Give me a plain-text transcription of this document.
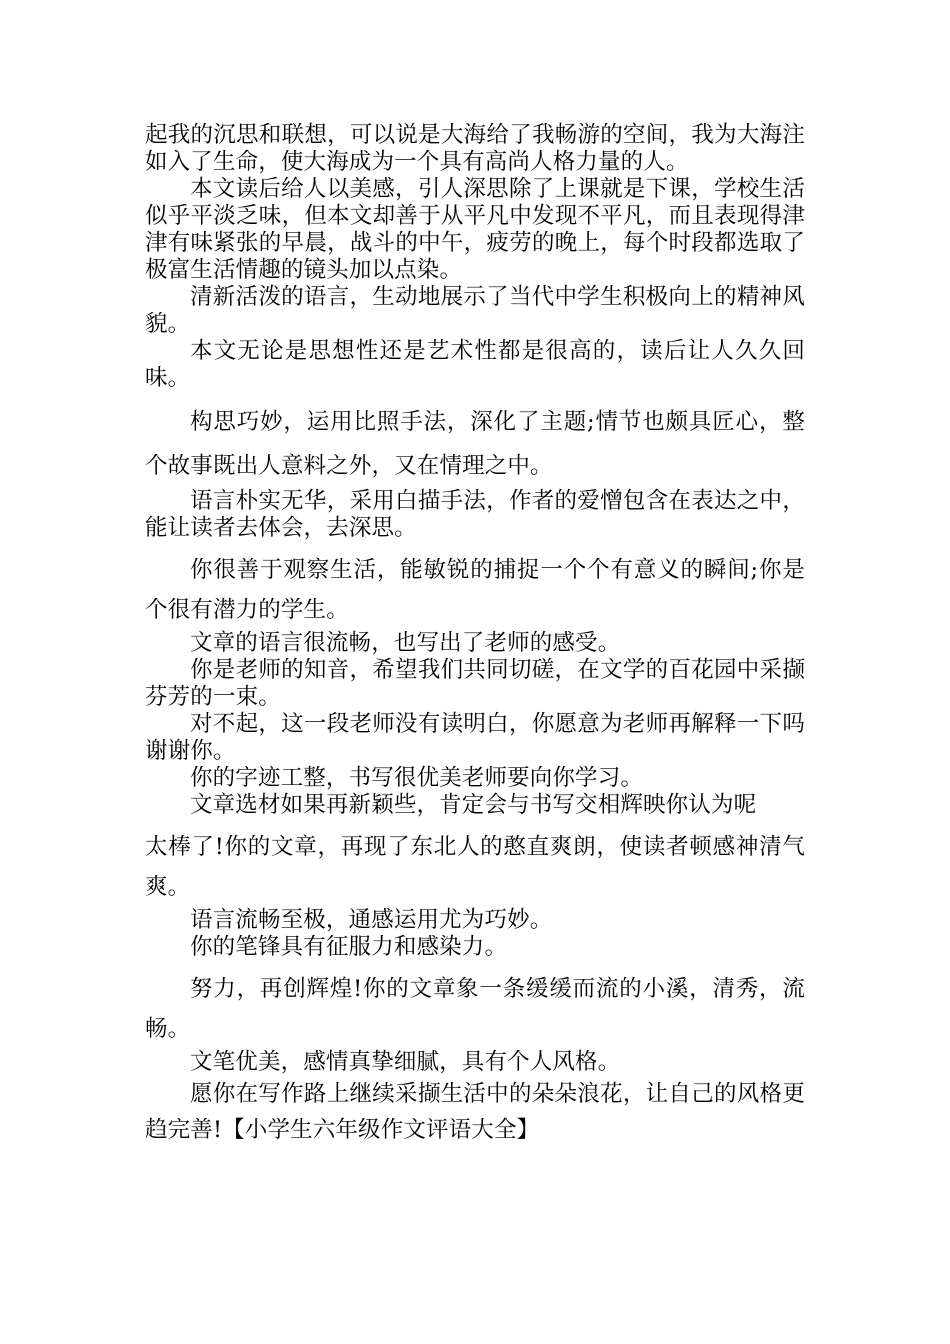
起我的沉思和联想，可以说是大海给了我畅游的空间，我为大海注如入了生命，使大海成为一个具有高尚人格力量的人。

本文读后给人以美感，引人深思除了上课就是下课，学校生活似乎平淡乏味，但本文却善于从平凡中发现不平凡，而且表现得津津有味紧张的早晨，战斗的中午，疲劳的晚上，每个时段都选取了极富生活情趣的镜头加以点染。

清新活泼的语言，生动地展示了当代中学生积极向上的精神风貌。

本文无论是思想性还是艺术性都是很高的，读后让人久久回味。

构思巧妙，运用比照手法，深化了主题;情节也颇具匠心，整个故事既出人意料之外，又在情理之中。

语言朴实无华，采用白描手法，作者的爱憎包含在表达之中，能让读者去体会，去深思。

你很善于观察生活，能敏锐的捕捉一个个有意义的瞬间;你是个很有潜力的学生。

文章的语言很流畅，也写出了老师的感受。

你是老师的知音，希望我们共同切磋，在文学的百花园中采撷芬芳的一束。

对不起，这一段老师没有读明白，你愿意为老师再解释一下吗谢谢你。

你的字迹工整，书写很优美老师要向你学习。

文章选材如果再新颖些，肯定会与书写交相辉映你认为呢

太棒了!你的文章，再现了东北人的憨直爽朗，使读者顿感神清气爽。

语言流畅至极，通感运用尤为巧妙。

你的笔锋具有征服力和感染力。

努力，再创辉煌!你的文章象一条缓缓而流的小溪，清秀，流畅。

文笔优美，感情真挚细腻，具有个人风格。

愿你在写作路上继续采撷生活中的朵朵浪花，让自己的风格更趋完善!【小学生六年级作文评语大全】
